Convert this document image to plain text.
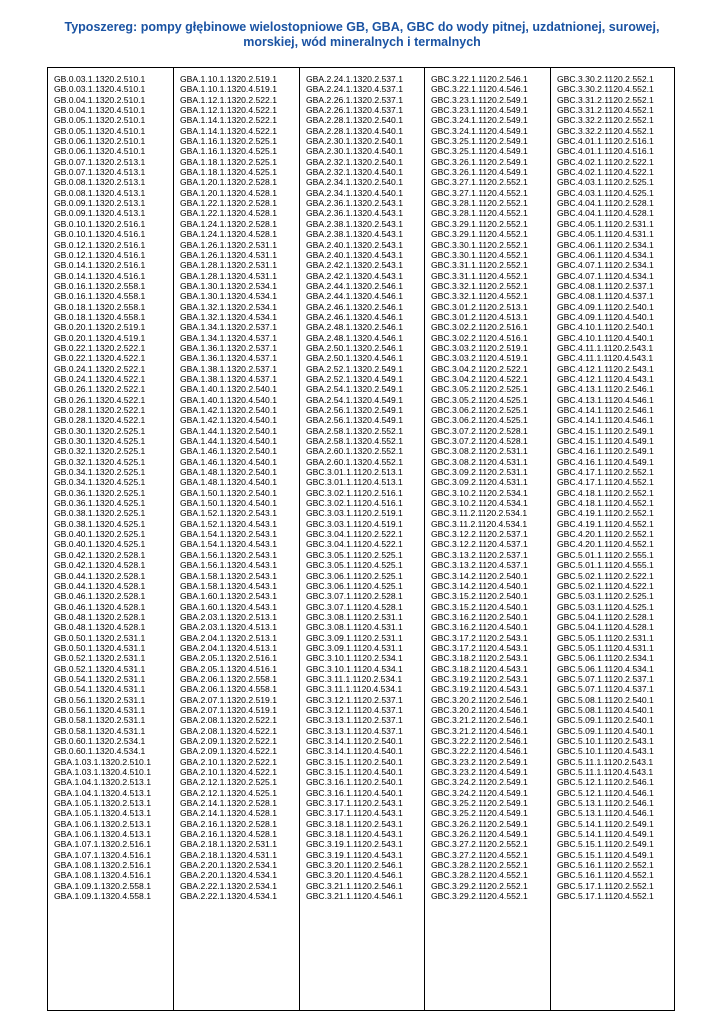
Typoszereg: pompy głębinowe wielostopniowe GB, GBA, GBC do wody pitnej, uzdatnionej, surowej,
morskiej, wód mineralnych i termalnych
GB.0.03.1.1320.2.510.1
GB.0.03.1.1320.4.510.1
GB.0.04.1.1320.2.510.1
GB.0.04.1.1320.4.510.1
GB.0.05.1.1320.2.510.1
GB.0.05.1.1320.4.510.1
GB.0.06.1.1320.2.510.1
GB.0.06.1.1320.4.510.1
GB.0.07.1.1320.2.513.1
GB.0.07.1.1320.4.513.1
GB.0.08.1.1320.2.513.1
GB.0.08.1.1320.4.513.1
GB.0.09.1.1320.2.513.1
GB.0.09.1.1320.4.513.1
GB.0.10.1.1320.2.516.1
GB.0.10.1.1320.4.516.1
GB.0.12.1.1320.2.516.1
GB.0.12.1.1320.4.516.1
GB.0.14.1.1320.2.516.1
GB.0.14.1.1320.4.516.1
GB.0.16.1.1320.2.558.1
GB.0.16.1.1320.4.558.1
GB.0.18.1.1320.2.558.1
GB.0.18.1.1320.4.558.1
GB.0.20.1.1320.2.519.1
GB.0.20.1.1320.4.519.1
GB.0.22.1.1320.2.522.1
GB.0.22.1.1320.4.522.1
GB.0.24.1.1320.2.522.1
GB.0.24.1.1320.4.522.1
GB.0.26.1.1320.2.522.1
GB.0.26.1.1320.4.522.1
GB.0.28.1.1320.2.522.1
GB.0.28.1.1320.4.522.1
GB.0.30.1.1320.2.525.1
GB.0.30.1.1320.4.525.1
GB.0.32.1.1320.2.525.1
GB.0.32.1.1320.4.525.1
GB.0.34.1.1320.2.525.1
GB.0.34.1.1320.4.525.1
GB.0.36.1.1320.2.525.1
GB.0.36.1.1320.4.525.1
GB.0.38.1.1320.2.525.1
GB.0.38.1.1320.4.525.1
GB.0.40.1.1320.2.525.1
GB.0.40.1.1320.4.525.1
GB.0.42.1.1320.2.528.1
GB.0.42.1.1320.4.528.1
GB.0.44.1.1320.2.528.1
GB.0.44.1.1320.4.528.1
GB.0.46.1.1320.2.528.1
GB.0.46.1.1320.4.528.1
GB.0.48.1.1320.2.528.1
GB.0.48.1.1320.4.528.1
GB.0.50.1.1320.2.531.1
GB.0.50.1.1320.4.531.1
GB.0.52.1.1320.2.531.1
GB.0.52.1.1320.4.531.1
GB.0.54.1.1320.2.531.1
GB.0.54.1.1320.4.531.1
GB.0.56.1.1320.2.531.1
GB.0.56.1.1320.4.531.1
GB.0.58.1.1320.2.531.1
GB.0.58.1.1320.4.531.1
GB.0.60.1.1320.2.534.1
GB.0.60.1.1320.4.534.1
GBA.1.03.1.1320.2.510.1
GBA.1.03.1.1320.4.510.1
GBA.1.04.1.1320.2.513.1
GBA.1.04.1.1320.4.513.1
GBA.1.05.1.1320.2.513.1
GBA.1.05.1.1320.4.513.1
GBA.1.06.1.1320.2.513.1
GBA.1.06.1.1320.4.513.1
GBA.1.07.1.1320.2.516.1
GBA.1.07.1.1320.4.516.1
GBA.1.08.1.1320.2.516.1
GBA.1.08.1.1320.4.516.1
GBA.1.09.1.1320.2.558.1
GBA.1.09.1.1320.4.558.1
GBA.1.10.1.1320.2.519.1
GBA.1.10.1.1320.4.519.1
GBA.1.12.1.1320.2.522.1
GBA.1.12.1.1320.4.522.1
GBA.1.14.1.1320.2.522.1
GBA.1.14.1.1320.4.522.1
GBA.1.16.1.1320.2.525.1
GBA.1.16.1.1320.4.525.1
GBA.1.18.1.1320.2.525.1
GBA.1.18.1.1320.4.525.1
GBA.1.20.1.1320.2.528.1
GBA.1.20.1.1320.4.528.1
GBA.1.22.1.1320.2.528.1
GBA.1.22.1.1320.4.528.1
GBA.1.24.1.1320.2.528.1
GBA.1.24.1.1320.4.528.1
GBA.1.26.1.1320.2.531.1
GBA.1.26.1.1320.4.531.1
GBA.1.28.1.1320.2.531.1
GBA.1.28.1.1320.4.531.1
GBA.1.30.1.1320.2.534.1
GBA.1.30.1.1320.4.534.1
GBA.1.32.1.1320.2.534.1
GBA.1.32.1.1320.4.534.1
GBA.1.34.1.1320.2.537.1
GBA.1.34.1.1320.4.537.1
GBA.1.36.1.1320.2.537.1
GBA.1.36.1.1320.4.537.1
GBA.1.38.1.1320.2.537.1
GBA.1.38.1.1320.4.537.1
GBA.1.40.1.1320.2.540.1
GBA.1.40.1.1320.4.540.1
GBA.1.42.1.1320.2.540.1
GBA.1.42.1.1320.4.540.1
GBA.1.44.1.1320.2.540.1
GBA.1.44.1.1320.4.540.1
GBA.1.46.1.1320.2.540.1
GBA.1.46.1.1320.4.540.1
GBA.1.48.1.1320.2.540.1
GBA.1.48.1.1320.4.540.1
GBA.1.50.1.1320.2.540.1
GBA.1.50.1.1320.4.540.1
GBA.1.52.1.1320.2.543.1
GBA.1.52.1.1320.4.543.1
GBA.1.54.1.1320.2.543.1
GBA.1.54.1.1320.4.543.1
GBA.1.56.1.1320.2.543.1
GBA.1.56.1.1320.4.543.1
GBA.1.58.1.1320.2.543.1
GBA.1.58.1.1320.4.543.1
GBA.1.60.1.1320.2.543.1
GBA.1.60.1.1320.4.543.1
GBA.2.03.1.1320.2.513.1
GBA.2.03.1.1320.4.513.1
GBA.2.04.1.1320.2.513.1
GBA.2.04.1.1320.4.513.1
GBA.2.05.1.1320.2.516.1
GBA.2.05.1.1320.4.516.1
GBA.2.06.1.1320.2.558.1
GBA.2.06.1.1320.4.558.1
GBA.2.07.1.1320.2.519.1
GBA.2.07.1.1320.4.519.1
GBA.2.08.1.1320.2.522.1
GBA.2.08.1.1320.4.522.1
GBA.2.09.1.1320.2.522.1
GBA.2.09.1.1320.4.522.1
GBA.2.10.1.1320.2.522.1
GBA.2.10.1.1320.4.522.1
GBA.2.12.1.1320.2.525.1
GBA.2.12.1.1320.4.525.1
GBA.2.14.1.1320.2.528.1
GBA.2.14.1.1320.4.528.1
GBA.2.16.1.1320.2.528.1
GBA.2.16.1.1320.4.528.1
GBA.2.18.1.1320.2.531.1
GBA.2.18.1.1320.4.531.1
GBA.2.20.1.1320.2.534.1
GBA.2.20.1.1320.4.534.1
GBA.2.22.1.1320.2.534.1
GBA.2.22.1.1320.4.534.1
GBA.2.24.1.1320.2.537.1
GBA.2.24.1.1320.4.537.1
GBA.2.26.1.1320.2.537.1
GBA.2.26.1.1320.4.537.1
GBA.2.28.1.1320.2.540.1
GBA.2.28.1.1320.4.540.1
GBA.2.30.1.1320.2.540.1
GBA.2.30.1.1320.4.540.1
GBA.2.32.1.1320.2.540.1
GBA.2.32.1.1320.4.540.1
GBA.2.34.1.1320.2.540.1
GBA.2.34.1.1320.4.540.1
GBA.2.36.1.1320.2.543.1
GBA.2.36.1.1320.4.543.1
GBA.2.38.1.1320.2.543.1
GBA.2.38.1.1320.4.543.1
GBA.2.40.1.1320.2.543.1
GBA.2.40.1.1320.4.543.1
GBA.2.42.1.1320.2.543.1
GBA.2.42.1.1320.4.543.1
GBA.2.44.1.1320.2.546.1
GBA.2.44.1.1320.4.546.1
GBA.2.46.1.1320.2.546.1
GBA.2.46.1.1320.4.546.1
GBA.2.48.1.1320.2.546.1
GBA.2.48.1.1320.4.546.1
GBA.2.50.1.1320.2.546.1
GBA.2.50.1.1320.4.546.1
GBA.2.52.1.1320.2.549.1
GBA.2.52.1.1320.4.549.1
GBA.2.54.1.1320.2.549.1
GBA.2.54.1.1320.4.549.1
GBA.2.56.1.1320.2.549.1
GBA.2.56.1.1320.4.549.1
GBA.2.58.1.1320.2.552.1
GBA.2.58.1.1320.4.552.1
GBA.2.60.1.1320.2.552.1
GBA.2.60.1.1320.4.552.1
GBC.3.01.1.1120.2.513.1
GBC.3.01.1.1120.4.513.1
GBC.3.02.1.1120.2.516.1
GBC.3.02.1.1120.4.516.1
GBC.3.03.1.1120.2.519.1
GBC.3.03.1.1120.4.519.1
GBC.3.04.1.1120.2.522.1
GBC.3.04.1.1120.4.522.1
GBC.3.05.1.1120.2.525.1
GBC.3.05.1.1120.4.525.1
GBC.3.06.1.1120.2.525.1
GBC.3.06.1.1120.4.525.1
GBC.3.07.1.1120.2.528.1
GBC.3.07.1.1120.4.528.1
GBC.3.08.1.1120.2.531.1
GBC.3.08.1.1120.4.531.1
GBC.3.09.1.1120.2.531.1
GBC.3.09.1.1120.4.531.1
GBC.3.10.1.1120.2.534.1
GBC.3.10.1.1120.4.534.1
GBC.3.11.1.1120.2.534.1
GBC.3.11.1.1120.4.534.1
GBC.3.12.1.1120.2.537.1
GBC.3.12.1.1120.4.537.1
GBC.3.13.1.1120.2.537.1
GBC.3.13.1.1120.4.537.1
GBC.3.14.1.1120.2.540.1
GBC.3.14.1.1120.4.540.1
GBC.3.15.1.1120.2.540.1
GBC.3.15.1.1120.4.540.1
GBC.3.16.1.1120.2.540.1
GBC.3.16.1.1120.4.540.1
GBC.3.17.1.1120.2.543.1
GBC.3.17.1.1120.4.543.1
GBC.3.18.1.1120.2.543.1
GBC.3.18.1.1120.4.543.1
GBC.3.19.1.1120.2.543.1
GBC.3.19.1.1120.4.543.1
GBC.3.20.1.1120.2.546.1
GBC.3.20.1.1120.4.546.1
GBC.3.21.1.1120.2.546.1
GBC.3.21.1.1120.4.546.1
GBC.3.22.1.1120.2.546.1
GBC.3.22.1.1120.4.546.1
GBC.3.23.1.1120.2.549.1
GBC.3.23.1.1120.4.549.1
GBC.3.24.1.1120.2.549.1
GBC.3.24.1.1120.4.549.1
GBC.3.25.1.1120.2.549.1
GBC.3.25.1.1120.4.549.1
GBC.3.26.1.1120.2.549.1
GBC.3.26.1.1120.4.549.1
GBC.3.27.1.1120.2.552.1
GBC.3.27.1.1120.4.552.1
GBC.3.28.1.1120.2.552.1
GBC.3.28.1.1120.4.552.1
GBC.3.29.1.1120.2.552.1
GBC.3.29.1.1120.4.552.1
GBC.3.30.1.1120.2.552.1
GBC.3.30.1.1120.4.552.1
GBC.3.31.1.1120.2.552.1
GBC.3.31.1.1120.4.552.1
GBC.3.32.1.1120.2.552.1
GBC.3.32.1.1120.4.552.1
GBC.3.01.2.1120.2.513.1
GBC.3.01.2.1120.4.513.1
GBC.3.02.2.1120.2.516.1
GBC.3.02.2.1120.4.516.1
GBC.3.03.2.1120.2.519.1
GBC.3.03.2.1120.4.519.1
GBC.3.04.2.1120.2.522.1
GBC.3.04.2.1120.4.522.1
GBC.3.05.2.1120.2.525.1
GBC.3.05.2.1120.4.525.1
GBC.3.06.2.1120.2.525.1
GBC.3.06.2.1120.4.525.1
GBC.3.07.2.1120.2.528.1
GBC.3.07.2.1120.4.528.1
GBC.3.08.2.1120.2.531.1
GBC.3.08.2.1120.4.531.1
GBC.3.09.2.1120.2.531.1
GBC.3.09.2.1120.4.531.1
GBC.3.10.2.1120.2.534.1
GBC.3.10.2.1120.4.534.1
GBC.3.11.2.1120.2.534.1
GBC.3.11.2.1120.4.534.1
GBC.3.12.2.1120.2.537.1
GBC.3.12.2.1120.4.537.1
GBC.3.13.2.1120.2.537.1
GBC.3.13.2.1120.4.537.1
GBC.3.14.2.1120.2.540.1
GBC.3.14.2.1120.4.540.1
GBC.3.15.2.1120.2.540.1
GBC.3.15.2.1120.4.540.1
GBC.3.16.2.1120.2.540.1
GBC.3.16.2.1120.4.540.1
GBC.3.17.2.1120.2.543.1
GBC.3.17.2.1120.4.543.1
GBC.3.18.2.1120.2.543.1
GBC.3.18.2.1120.4.543.1
GBC.3.19.2.1120.2.543.1
GBC.3.19.2.1120.4.543.1
GBC.3.20.2.1120.2.546.1
GBC.3.20.2.1120.4.546.1
GBC.3.21.2.1120.2.546.1
GBC.3.21.2.1120.4.546.1
GBC.3.22.2.1120.2.546.1
GBC.3.22.2.1120.4.546.1
GBC.3.23.2.1120.2.549.1
GBC.3.23.2.1120.4.549.1
GBC.3.24.2.1120.2.549.1
GBC.3.24.2.1120.4.549.1
GBC.3.25.2.1120.2.549.1
GBC.3.25.2.1120.4.549.1
GBC.3.26.2.1120.2.549.1
GBC.3.26.2.1120.4.549.1
GBC.3.27.2.1120.2.552.1
GBC.3.27.2.1120.4.552.1
GBC.3.28.2.1120.2.552.1
GBC.3.28.2.1120.4.552.1
GBC.3.29.2.1120.2.552.1
GBC.3.29.2.1120.4.552.1
GBC.3.30.2.1120.2.552.1
GBC.3.30.2.1120.4.552.1
GBC.3.31.2.1120.2.552.1
GBC.3.31.2.1120.4.552.1
GBC.3.32.2.1120.2.552.1
GBC.3.32.2.1120.4.552.1
GBC.4.01.1.1120.2.516.1
GBC.4.01.1.1120.4.516.1
GBC.4.02.1.1120.2.522.1
GBC.4.02.1.1120.4.522.1
GBC.4.03.1.1120.2.525.1
GBC.4.03.1.1120.4.525.1
GBC.4.04.1.1120.2.528.1
GBC.4.04.1.1120.4.528.1
GBC.4.05.1.1120.2.531.1
GBC.4.05.1.1120.4.531.1
GBC.4.06.1.1120.2.534.1
GBC.4.06.1.1120.4.534.1
GBC.4.07.1.1120.2.534.1
GBC.4.07.1.1120.4.534.1
GBC.4.08.1.1120.2.537.1
GBC.4.08.1.1120.4.537.1
GBC.4.09.1.1120.2.540.1
GBC.4.09.1.1120.4.540.1
GBC.4.10.1.1120.2.540.1
GBC.4.10.1.1120.4.540.1
GBC.4.11.1.1120.2.543.1
GBC.4.11.1.1120.4.543.1
GBC.4.12.1.1120.2.543.1
GBC.4.12.1.1120.4.543.1
GBC.4.13.1.1120.2.546.1
GBC.4.13.1.1120.4.546.1
GBC.4.14.1.1120.2.546.1
GBC.4.14.1.1120.4.546.1
GBC.4.15.1.1120.2.549.1
GBC.4.15.1.1120.4.549.1
GBC.4.16.1.1120.2.549.1
GBC.4.16.1.1120.4.549.1
GBC.4.17.1.1120.2.552.1
GBC.4.17.1.1120.4.552.1
GBC.4.18.1.1120.2.552.1
GBC.4.18.1.1120.4.552.1
GBC.4.19.1.1120.2.552.1
GBC.4.19.1.1120.4.552.1
GBC.4.20.1.1120.2.552.1
GBC.4.20.1.1120.4.552.1
GBC.5.01.1.1120.2.555.1
GBC.5.01.1.1120.4.555.1
GBC.5.02.1.1120.2.522.1
GBC.5.02.1.1120.4.522.1
GBC.5.03.1.1120.2.525.1
GBC.5.03.1.1120.4.525.1
GBC.5.04.1.1120.2.528.1
GBC.5.04.1.1120.4.528.1
GBC.5.05.1.1120.2.531.1
GBC.5.05.1.1120.4.531.1
GBC.5.06.1.1120.2.534.1
GBC.5.06.1.1120.4.534.1
GBC.5.07.1.1120.2.537.1
GBC.5.07.1.1120.4.537.1
GBC.5.08.1.1120.2.540.1
GBC.5.08.1.1120.4.540.1
GBC.5.09.1.1120.2.540.1
GBC.5.09.1.1120.4.540.1
GBC.5.10.1.1120.2.543.1
GBC.5.10.1.1120.4.543.1
GBC.5.11.1.1120.2.543.1
GBC.5.11.1.1120.4.543.1
GBC.5.12.1.1120.2.546.1
GBC.5.12.1.1120.4.546.1
GBC.5.13.1.1120.2.546.1
GBC.5.13.1.1120.4.546.1
GBC.5.14.1.1120.2.549.1
GBC.5.14.1.1120.4.549.1
GBC.5.15.1.1120.2.549.1
GBC.5.15.1.1120.4.549.1
GBC.5.16.1.1120.2.552.1
GBC.5.16.1.1120.4.552.1
GBC.5.17.1.1120.2.552.1
GBC.5.17.1.1120.4.552.1
